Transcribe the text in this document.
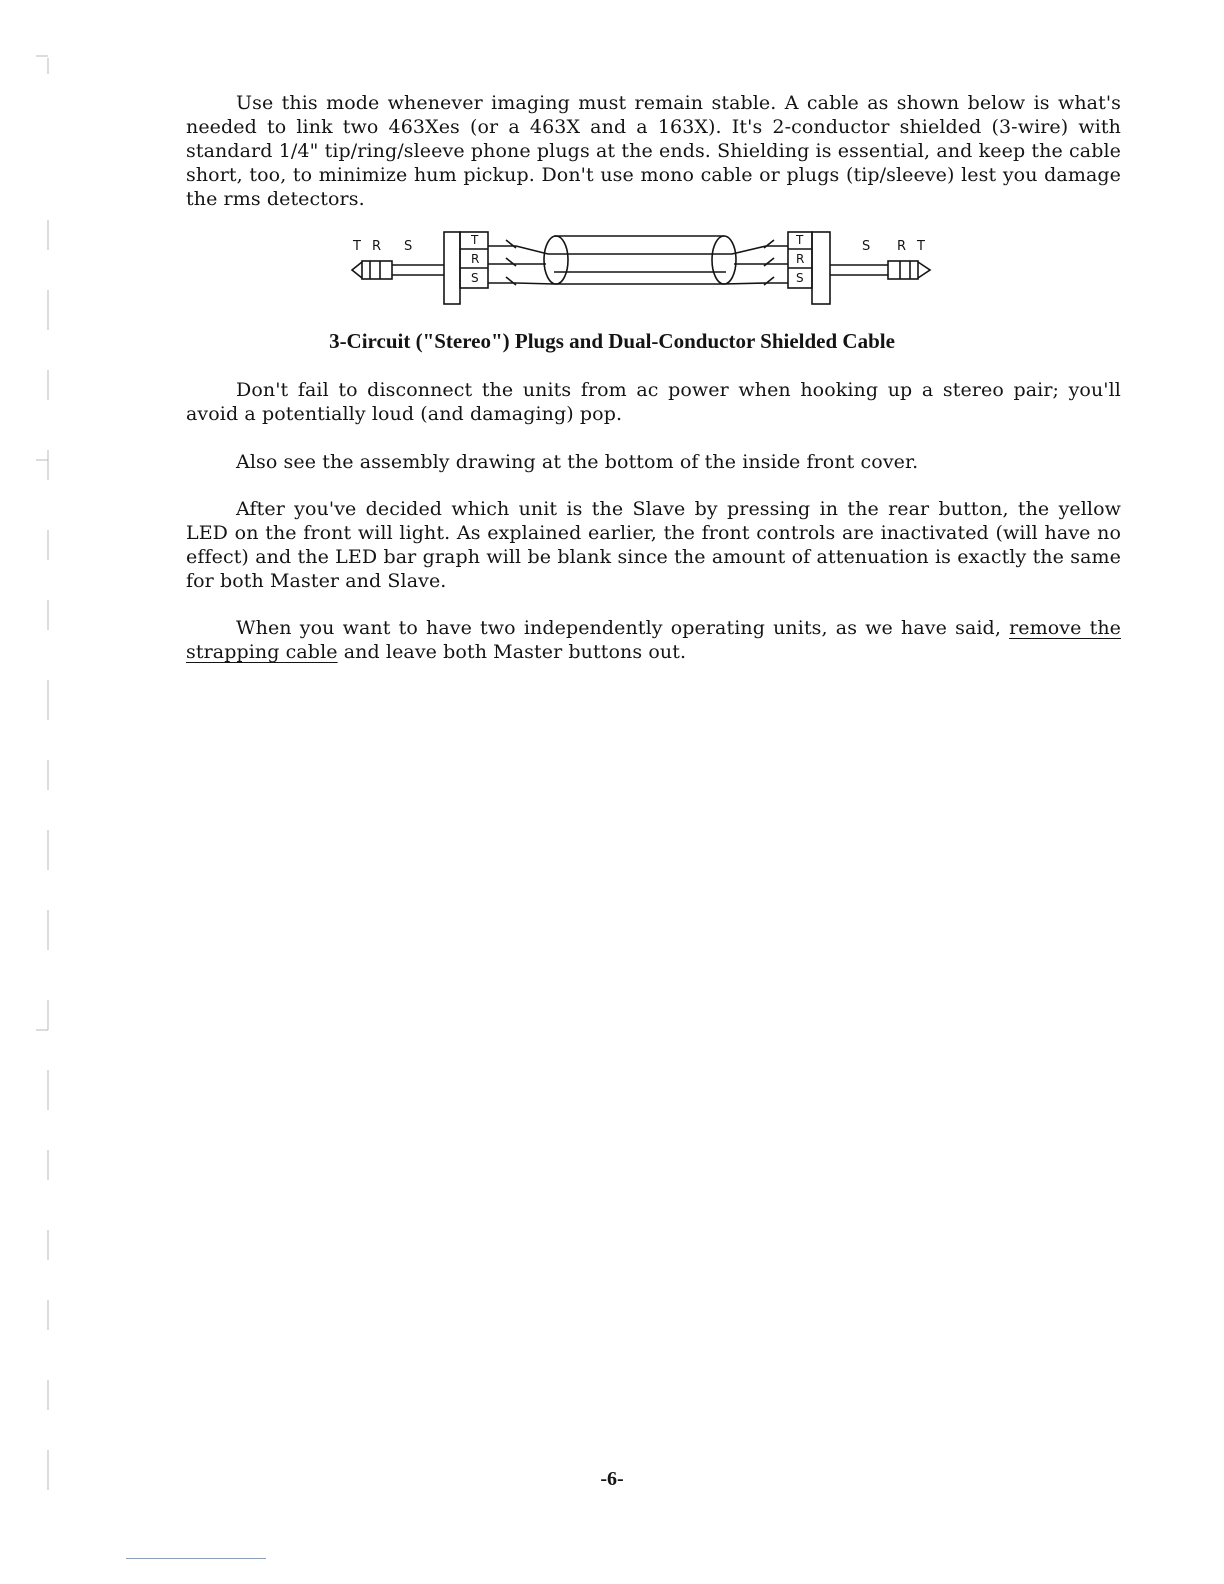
Use this mode whenever imaging must remain stable. A cable as shown below is what's needed to link two 463Xes (or a 463X and a 163X). It's 2-conductor shielded (3-wire) with standard 1/4" tip/ring/sleeve phone plugs at the ends. Shielding is essential, and keep the cable short, too, to minimize hum pickup. Don't use mono cable or plugs (tip/sleeve) lest you damage the rms detectors.

T R S	S R T
T
R
S
T
R
S
3-Circuit ("Stereo") Plugs and Dual-Conductor Shielded Cable

Don't fail to disconnect the units from ac power when hooking up a stereo pair; you'll avoid a potentially loud (and damaging) pop.

Also see the assembly drawing at the bottom of the inside front cover.

After you've decided which unit is the Slave by pressing in the rear button, the yellow LED on the front will light. As explained earlier, the front controls are inactivated (will have no effect) and the LED bar graph will be blank since the amount of attenuation is exactly the same for both Master and Slave.

When you want to have two independently operating units, as we have said, remove the strapping cable and leave both Master buttons out.

-6-
